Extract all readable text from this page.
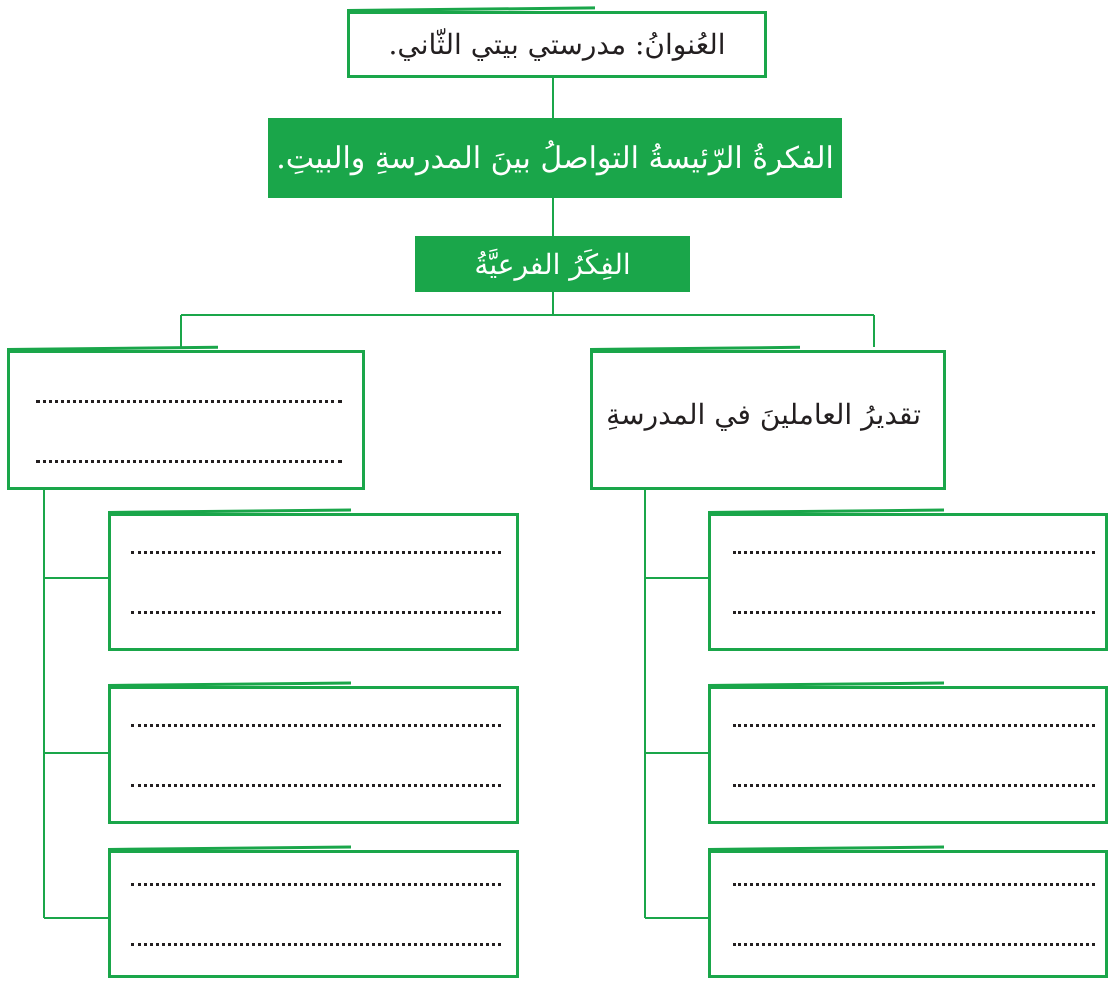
العُنوانُ: مدرستي بيتي الثّاني.
الفكرةُ الرّئيسةُ التواصلُ بينَ المدرسةِ والبيتِ.
الفِكَرُ الفرعيَّةُ
تقديرُ العاملينَ في المدرسةِ
